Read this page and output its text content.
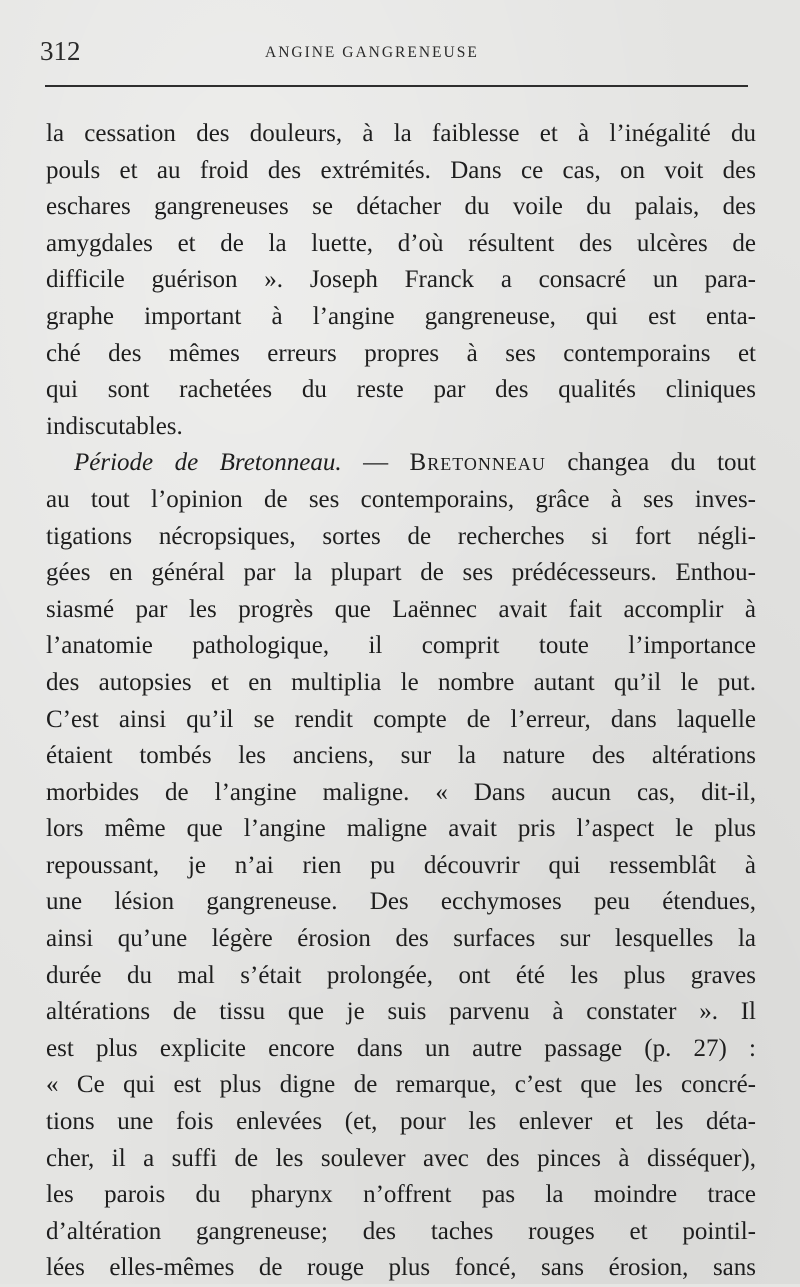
312	ANGINE GANGRENEUSE
la cessation des douleurs, à la faiblesse et à l’inégalité du
pouls et au froid des extrémités. Dans ce cas, on voit des
eschares gangreneuses se détacher du voile du palais, des
amygdales et de la luette, d’où résultent des ulcères de
difficile guérison ». Joseph Franck a consacré un para-
graphe important à l’angine gangreneuse, qui est enta-
ché des mêmes erreurs propres à ses contemporains et
qui sont rachetées du reste par des qualités cliniques
indiscutables.
Période de Bretonneau. — Bretonneau changea du tout
au tout l’opinion de ses contemporains, grâce à ses inves-
tigations nécropsiques, sortes de recherches si fort négli-
gées en général par la plupart de ses prédécesseurs. Enthou-
siasmé par les progrès que Laënnec avait fait accomplir à
l’anatomie pathologique, il comprit toute l’importance
des autopsies et en multiplia le nombre autant qu’il le put.
C’est ainsi qu’il se rendit compte de l’erreur, dans laquelle
étaient tombés les anciens, sur la nature des altérations
morbides de l’angine maligne. « Dans aucun cas, dit-il,
lors même que l’angine maligne avait pris l’aspect le plus
repoussant, je n’ai rien pu découvrir qui ressemblât à
une lésion gangreneuse. Des ecchymoses peu étendues,
ainsi qu’une légère érosion des surfaces sur lesquelles la
durée du mal s’était prolongée, ont été les plus graves
altérations de tissu que je suis parvenu à constater ». Il
est plus explicite encore dans un autre passage (p. 27) :
« Ce qui est plus digne de remarque, c’est que les concré-
tions une fois enlevées (et, pour les enlever et les déta-
cher, il a suffi de les soulever avec des pinces à disséquer),
les parois du pharynx n’offrent pas la moindre trace
d’altération gangreneuse; des taches rouges et pointil-
lées elles-mêmes de rouge plus foncé, sans érosion, sans
